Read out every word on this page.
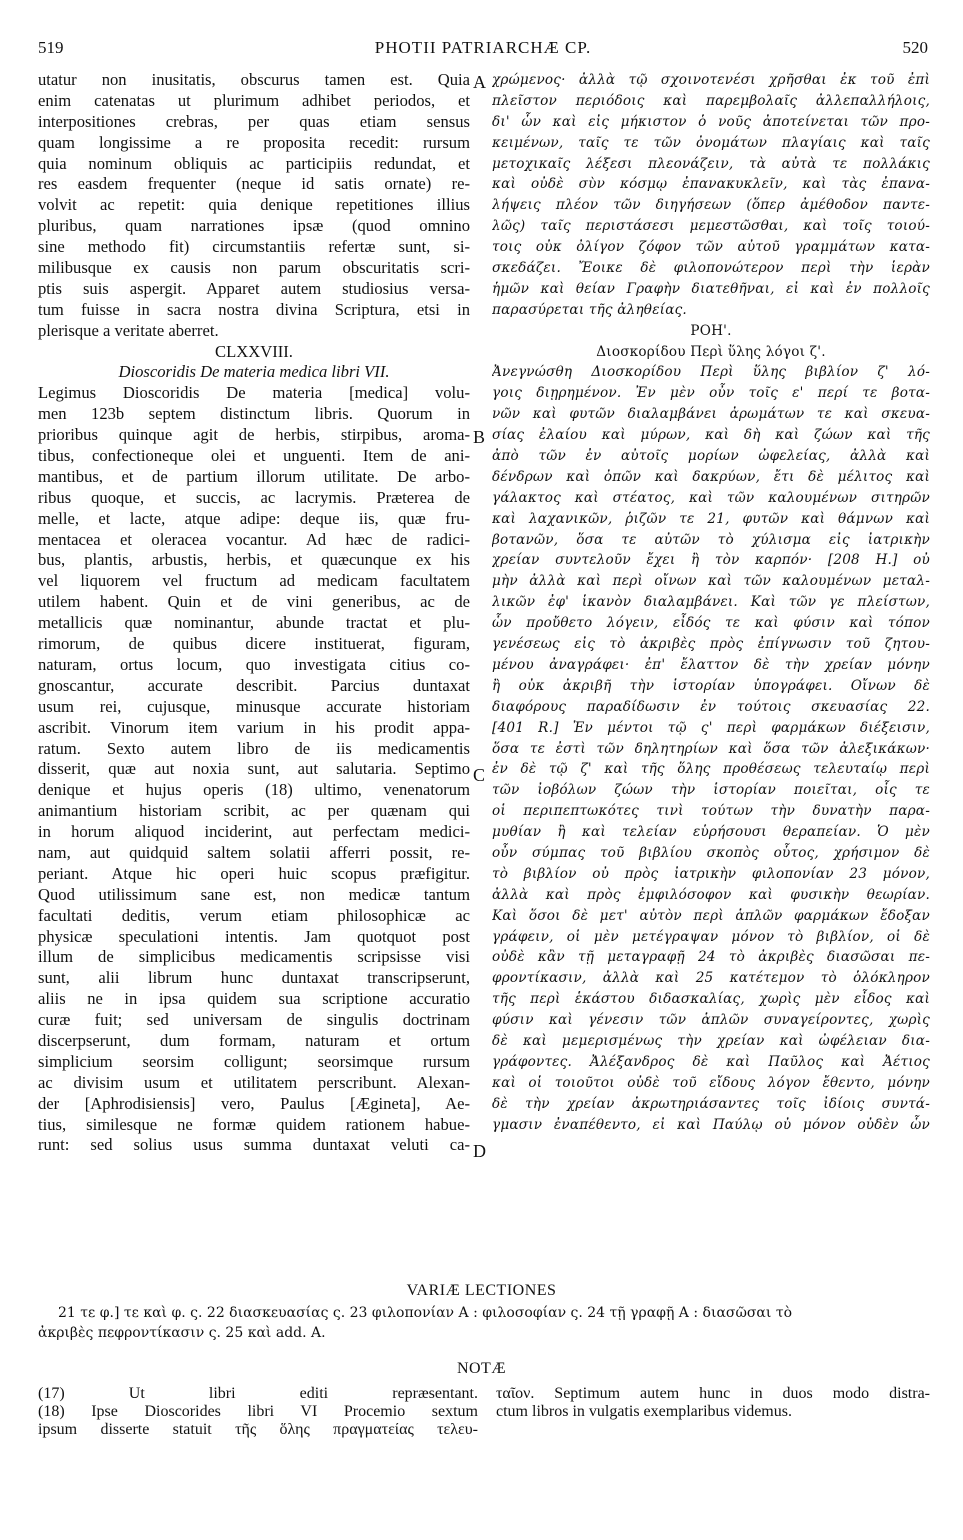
519	PHOTII PATRIARCHÆ CP.	520
A
B
C
D
utatur non inusitatis, obscurus tamen est. Quia
enim catenatas ut plurimum adhibet periodos, et
interpositiones crebras, per quas etiam sensus
quam longissime a re proposita recedit: rursum
quia nominum obliquis ac participiis redundat, et
res easdem frequenter (neque id satis ornate) re-
volvit ac repetit: quia denique repetitiones illius
pluribus, quam narrationes ipsæ (quod omnino
sine methodo fit) circumstantiis refertæ sunt, si-
milibusque ex causis non parum obscuritatis scri-
ptis suis aspergit. Apparet autem studiosius versa-
tum fuisse in sacra nostra divina Scriptura, etsi in
plerisque a veritate aberret.
CLXXVIII.
Dioscoridis De materia medica libri VII.
Legimus Dioscoridis De materia [medica] volu-
men 123b septem distinctum libris. Quorum in
prioribus quinque agit de herbis, stirpibus, aroma-
tibus, confectioneque olei et unguenti. Item de ani-
mantibus, et de partium illorum utilitate. De arbo-
ribus quoque, et succis, ac lacrymis. Præterea de
melle, et lacte, atque adipe: deque iis, quæ fru-
mentacea et oleracea vocantur. Ad hæc de radici-
bus, plantis, arbustis, herbis, et quæcunque ex his
vel liquorem vel fructum ad medicam facultatem
utilem habent. Quin et de vini generibus, ac de
metallicis quæ nominantur, abunde tractat et plu-
rimorum, de quibus dicere instituerat, figuram,
naturam, ortus locum, quo investigata citius co-
gnoscantur, accurate describit. Parcius duntaxat
usum rei, cujusque, minusque accurate historiam
ascribit. Vinorum item varium in his prodit appa-
ratum. Sexto autem libro de iis medicamentis
disserit, quæ aut noxia sunt, aut salutaria. Septimo
denique et hujus operis (18) ultimo, venenatorum
animantium historiam scribit, ac per quænam qui
in horum aliquod inciderint, aut perfectam medici-
nam, aut quidquid saltem solatii afferri possit, re-
periant. Atque hic operi huic scopus præfigitur.
Quod utilissimum sane est, non medicæ tantum
facultati deditis, verum etiam philosophicæ ac
physicæ speculationi intentis. Jam quotquot post
illum de simplicibus medicamentis scripsisse visi
sunt, alii librum hunc duntaxat transcripserunt,
aliis ne in ipsa quidem sua scriptione accuratio
curæ fuit; sed universam de singulis doctrinam
discerpserunt, dum formam, naturam et ortum
simplicium seorsim colligunt; seorsimque rursum
ac divisim usum et utilitatem perscribunt. Alexan-
der [Aphrodisiensis] vero, Paulus [Ægineta], Ae-
tius, similesque ne formæ quidem rationem habue-
runt: sed solius usus summa duntaxat veluti ca-
χρώμενος· ἀλλὰ τῷ σχοινοτενέσι χρῆσθαι ἐκ τοῦ ἐπὶ
πλεῖστον περιόδοις καὶ παρεμβολαῖς ἀλλεπαλλήλοις,
δι' ὧν καὶ εἰς μήκιστον ὁ νοῦς ἀποτείνεται τῶν προ-
κειμένων, ταῖς τε τῶν ὀνομάτων πλαγίαις καὶ ταῖς
μετοχικαῖς λέξεσι πλεονάζειν, τὰ αὐτὰ τε πολλάκις
καὶ οὐδὲ σὺν κόσμῳ ἐπανακυκλεῖν, καὶ τὰς ἐπανα-
λήψεις πλέον τῶν διηγήσεων (ὅπερ ἀμέθοδον παντε-
λῶς) ταῖς περιστάσεσι μεμεστῶσθαι, καὶ τοῖς τοιού-
τοις οὐκ ὀλίγον ζόφον τῶν αὐτοῦ γραμμάτων κατα-
σκεδάζει. Ἔοικε δὲ φιλοπονώτερον περὶ τὴν ἱερὰν
ἡμῶν καὶ θείαν Γραφὴν διατεθῆναι, εἰ καὶ ἐν πολλοῖς
παρασύρεται τῆς ἀληθείας.
ΡΟΗ'.
Διοσκορίδου Περὶ ὕλης λόγοι ζ'.
Ἀνεγνώσθη Διοσκορίδου Περὶ ὕλης βιβλίον ζ' λό-
γοις διῃρημένον. Ἐν μὲν οὖν τοῖς ε' περί τε βοτα-
νῶν καὶ φυτῶν διαλαμβάνει ἀρωμάτων τε καὶ σκευα-
σίας ἐλαίου καὶ μύρων, καὶ δὴ καὶ ζώων καὶ τῆς
ἀπὸ τῶν ἐν αὐτοῖς μορίων ὠφελείας, ἀλλὰ καὶ
δένδρων καὶ ὀπῶν καὶ δακρύων, ἔτι δὲ μέλιτος καὶ
γάλακτος καὶ στέατος, καὶ τῶν καλουμένων σιτηρῶν
καὶ λαχανικῶν, ῥιζῶν τε 21, φυτῶν καὶ θάμνων καὶ
βοτανῶν, ὅσα τε αὐτῶν τὸ χύλισμα εἰς ἰατρικὴν
χρείαν συντελοῦν ἔχει ἢ τὸν καρπόν· [208 H.] οὐ
μὴν ἀλλὰ καὶ περὶ οἴνων καὶ τῶν καλουμένων μεταλ-
λικῶν ἐφ' ἱκανὸν διαλαμβάνει. Καὶ τῶν γε πλείστων,
ὧν προὔθετο λόγειν, εἶδός τε καὶ φύσιν καὶ τόπον
γενέσεως εἰς τὸ ἀκριβὲς πρὸς ἐπίγνωσιν τοῦ ζητου-
μένου ἀναγράφει· ἐπ' ἔλαττον δὲ τὴν χρείαν μόνην
ἢ οὐκ ἀκριβῆ τὴν ἱστορίαν ὑπογράφει. Οἴνων δὲ
διαφόρους παραδίδωσιν ἐν τούτοις σκευασίας 22.
[401 R.] Ἐν μέντοι τῷ ς' περὶ φαρμάκων διέξεισιν,
ὅσα τε ἐστὶ τῶν δηλητηρίων καὶ ὅσα τῶν ἀλεξικάκων·
ἐν δὲ τῷ ζ' καὶ τῆς ὅλης προθέσεως τελευταίῳ περὶ
τῶν ἰοβόλων ζώων τὴν ἱστορίαν ποιεῖται, οἷς τε
οἱ περιπεπτωκότες τινὶ τούτων τὴν δυνατὴν παρα-
μυθίαν ἢ καὶ τελείαν εὑρήσουσι θεραπείαν. Ὁ μὲν
οὖν σύμπας τοῦ βιβλίου σκοπὸς οὗτος, χρήσιμον δὲ
τὸ βιβλίον οὐ πρὸς ἰατρικὴν φιλοπονίαν 23 μόνον,
ἀλλὰ καὶ πρὸς ἐμφιλόσοφον καὶ φυσικὴν θεωρίαν.
Καὶ ὅσοι δὲ μετ' αὐτὸν περὶ ἁπλῶν φαρμάκων ἔδοξαν
γράφειν, οἱ μὲν μετέγραψαν μόνον τὸ βιβλίον, οἱ δὲ
οὐδὲ κἂν τῇ μεταγραφῇ 24 τὸ ἀκριβὲς διασῶσαι πε-
φροντίκασιν, ἀλλὰ καὶ 25 κατέτεμον τὸ ὁλόκληρον
τῆς περὶ ἑκάστου διδασκαλίας, χωρὶς μὲν εἶδος καὶ
φύσιν καὶ γένεσιν τῶν ἁπλῶν συναγείροντες, χωρὶς
δὲ καὶ μεμερισμένως τὴν χρείαν καὶ ὠφέλειαν δια-
γράφοντες. Ἀλέξανδρος δὲ καὶ Παῦλος καὶ Ἀέτιος
καὶ οἱ τοιοῦτοι οὐδὲ τοῦ εἴδους λόγον ἔθεντο, μόνην
δὲ τὴν χρείαν ἀκρωτηριάσαντες τοῖς ἰδίοις συντά-
γμασιν ἐναπέθεντο, εἰ καὶ Παύλῳ οὐ μόνον οὐδὲν ὧν
VARIÆ LECTIONES
21 τε φ.] τε καὶ φ. ς. 22 διασκευασίας ς. 23 φιλοπονίαν A : φιλοσοφίαν ς. 24 τῇ γραφῇ A : διασῶσαι τὸ
ἀκριβὲς πεφροντίκασιν ς. 25 καὶ add. A.
NOTÆ
(17) Ut libri editi repræsentant.
(18) Ipse Dioscorides libri VI Procemio sextum
ipsum disserte statuit τῆς ὅλης πραγματείας τελευ-
ταῖον. Septimum autem hunc in duos modo distra-
ctum libros in vulgatis exemplaribus videmus.
